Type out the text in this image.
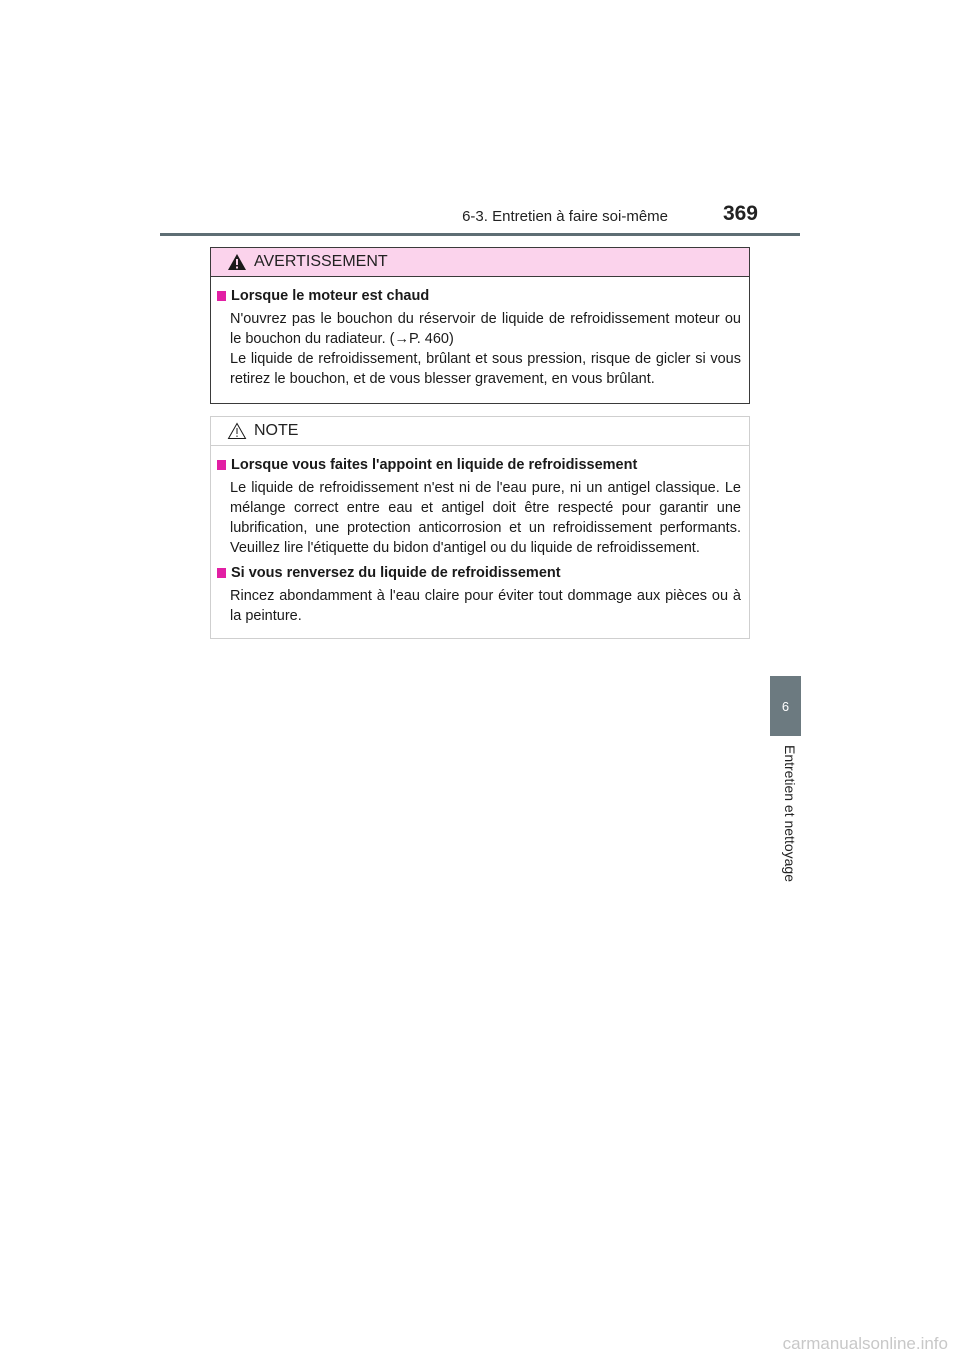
6-3. Entretien à faire soi-même	369
6
Entretien et nettoyage
AVERTISSEMENT
Lorsque le moteur est chaud
N'ouvrez pas le bouchon du réservoir de liquide de refroidissement moteur ou le bouchon du radiateur. (→P. 460)
Le liquide de refroidissement, brûlant et sous pression, risque de gicler si vous retirez le bouchon, et de vous blesser gravement, en vous brûlant.
NOTE
Lorsque vous faites l'appoint en liquide de refroidissement
Le liquide de refroidissement n'est ni de l'eau pure, ni un antigel classique. Le mélange correct entre eau et antigel doit être respecté pour garantir une lubrification, une protection anticorrosion et un refroidissement performants. Veuillez lire l'étiquette du bidon d'antigel ou du liquide de refroidissement.
Si vous renversez du liquide de refroidissement
Rincez abondamment à l'eau claire pour éviter tout dommage aux pièces ou à la peinture.
carmanualsonline.info
